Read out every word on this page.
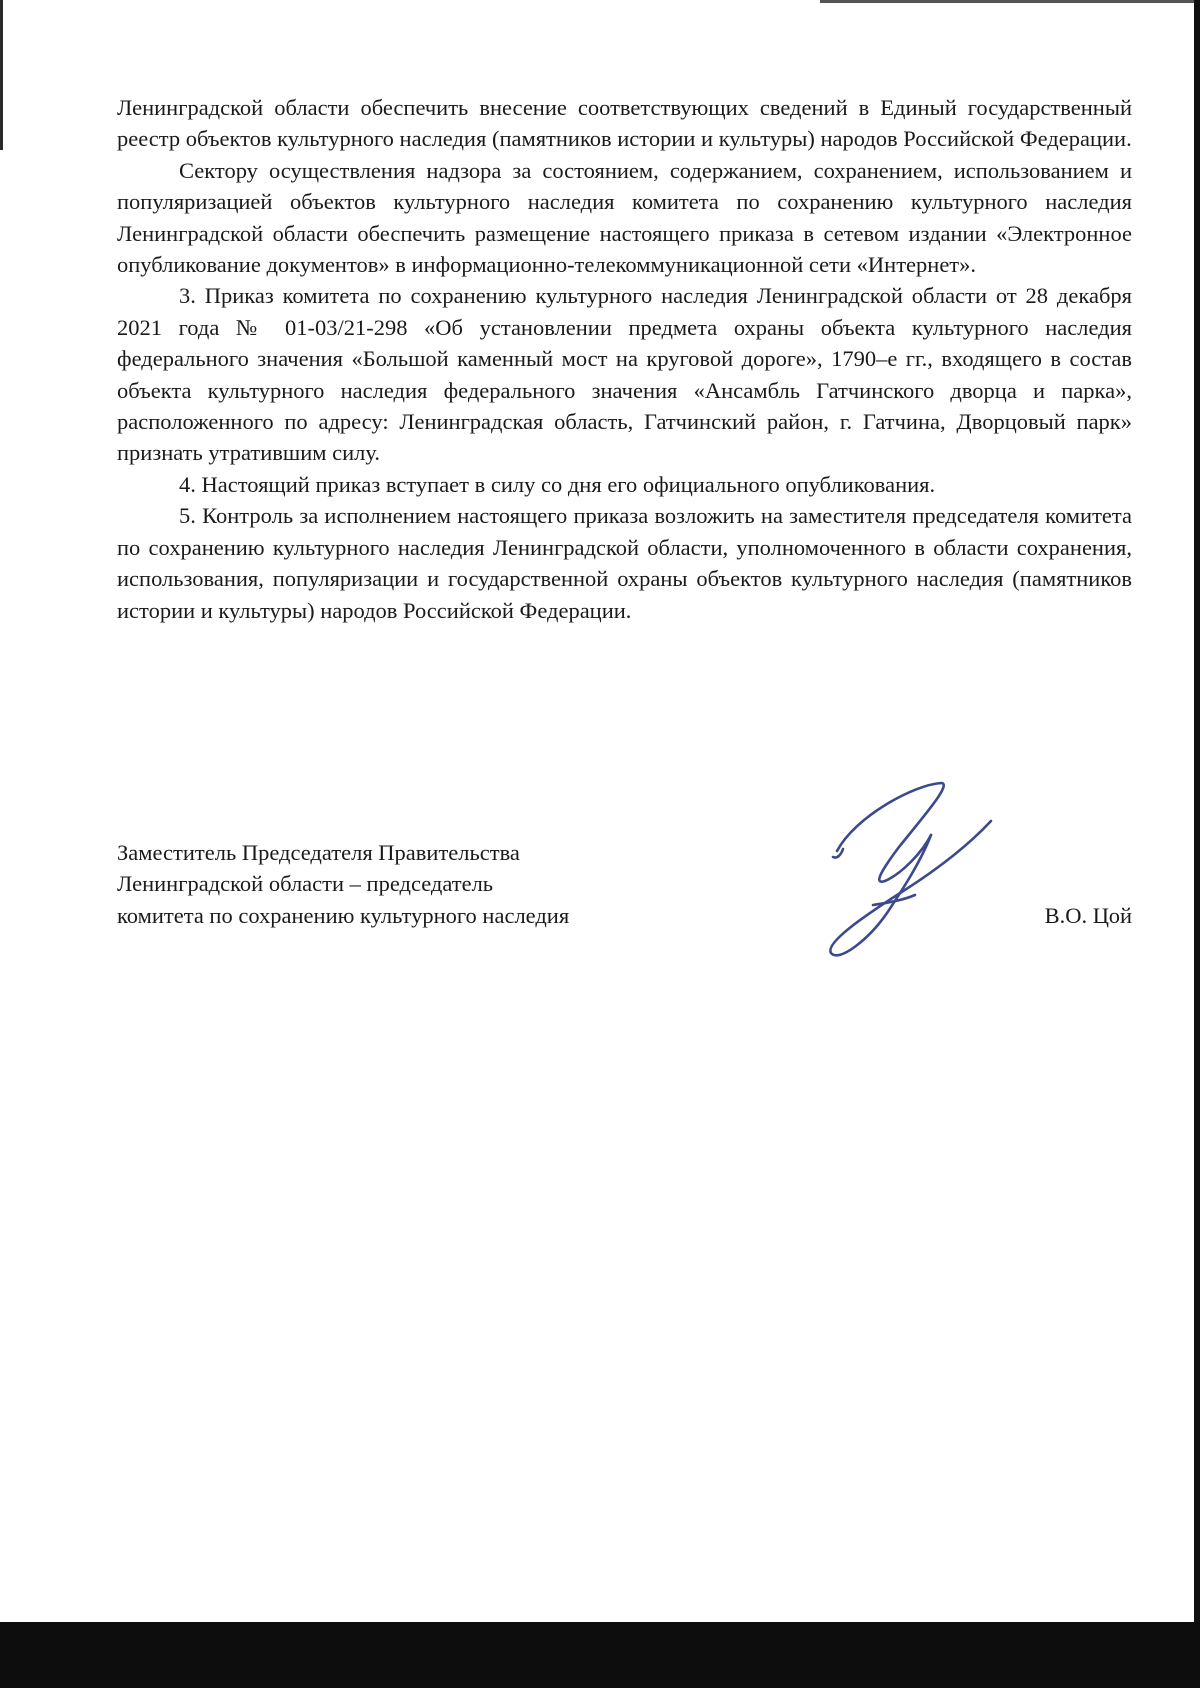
Ленинградской области обеспечить внесение соответствующих сведений в Единый государственный реестр объектов культурного наследия (памятников истории и культуры) народов Российской Федерации.

Сектору осуществления надзора за состоянием, содержанием, сохранением, использованием и популяризацией объектов культурного наследия комитета по сохранению культурного наследия Ленинградской области обеспечить размещение настоящего приказа в сетевом издании «Электронное опубликование документов» в информационно-телекоммуникационной сети «Интернет».

3. Приказ комитета по сохранению культурного наследия Ленинградской области от 28 декабря 2021 года № 01-03/21-298 «Об установлении предмета охраны объекта культурного наследия федерального значения «Большой каменный мост на круговой дороге», 1790–е гг., входящего в состав объекта культурного наследия федерального значения «Ансамбль Гатчинского дворца и парка», расположенного по адресу: Ленинградская область, Гатчинский район, г. Гатчина, Дворцовый парк» признать утратившим силу.

4. Настоящий приказ вступает в силу со дня его официального опубликования.

5. Контроль за исполнением настоящего приказа возложить на заместителя председателя комитета по сохранению культурного наследия Ленинградской области, уполномоченного в области сохранения, использования, популяризации и государственной охраны объектов культурного наследия (памятников истории и культуры) народов Российской Федерации.

Заместитель Председателя Правительства
Ленинградской области – председатель
комитета по сохранению культурного наследия	В.О. Цой
